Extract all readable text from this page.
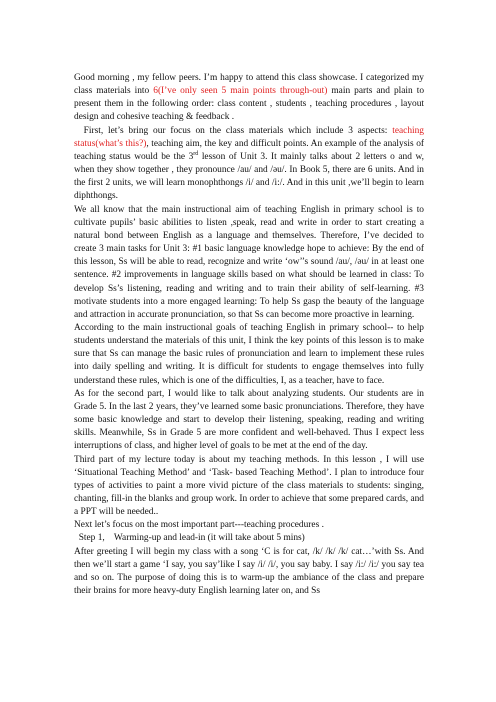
Good morning , my fellow peers. I’m happy to attend this class showcase. I categorized my class materials into 6(I’ve only seen 5 main points through-out) main parts and plain to present them in the following order: class content , students , teaching procedures , layout design and cohesive teaching & feedback .

First, let’s bring our focus on the class materials which include 3 aspects: teaching status(what’s this?), teaching aim, the key and difficult points. An example of the analysis of teaching status would be the 3rd lesson of Unit 3. It mainly talks about 2 letters o and w, when they show together , they pronounce /au/ and /əu/. In Book 5, there are 6 units. And in the first 2 units, we will learn monophthongs /i/ and /i:/. And in this unit ,we’ll begin to learn diphthongs.

We all know that the main instructional aim of teaching English in primary school is to cultivate pupils’ basic abilities to listen ,speak, read and write in order to start creating a natural bond between English as a language and themselves. Therefore, I’ve decided to create 3 main tasks for Unit 3: #1 basic language knowledge hope to achieve: By the end of this lesson, Ss will be able to read, recognize and write ‘ow’’s sound /au/, /əu/ in at least one sentence. #2 improvements in language skills based on what should be learned in class: To develop Ss’s listening, reading and writing and to train their ability of self-learning. #3 motivate students into a more engaged learning: To help Ss gasp the beauty of the language and attraction in accurate pronunciation, so that Ss can become more proactive in learning.

According to the main instructional goals of teaching English in primary school-- to help students understand the materials of this unit, I think the key points of this lesson is to make sure that Ss can manage the basic rules of pronunciation and learn to implement these rules into daily spelling and writing. It is difficult for students to engage themselves into fully understand these rules, which is one of the difficulties, I, as a teacher, have to face.

As for the second part, I would like to talk about analyzing students. Our students are in Grade 5. In the last 2 years, they’ve learned some basic pronunciations. Therefore, they have some basic knowledge and start to develop their listening, speaking, reading and writing skills. Meanwhile, Ss in Grade 5 are more confident and well-behaved. Thus I expect less interruptions of class, and higher level of goals to be met at the end of the day.

Third part of my lecture today is about my teaching methods. In this lesson , I will use ‘Situational Teaching Method’ and ‘Task- based Teaching Method’. I plan to introduce four types of activities to paint a more vivid picture of the class materials to students: singing, chanting, fill-in the blanks and group work. In order to achieve that some prepared cards, and a PPT will be needed..

Next let’s focus on the most important part---teaching procedures .

Step 1,    Warming-up and lead-in (it will take about 5 mins)

After greeting I will begin my class with a song ‘C is for cat, /k/ /k/ /k/ cat…’with Ss. And then we’ll start a game ‘I say, you say’like I say /i/ /i/, you say baby. I say /i:/ /i:/ you say tea and so on. The purpose of doing this is to warm-up the ambiance of the class and prepare their brains for more heavy-duty English learning later on, and Ss
